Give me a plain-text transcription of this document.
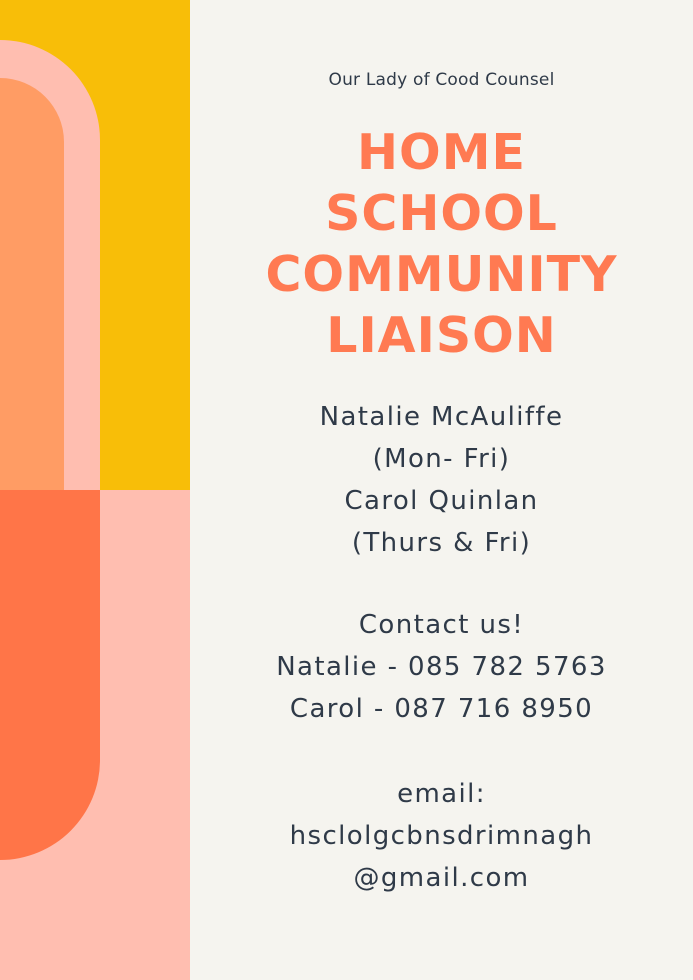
Our Lady of Cood Counsel
HOME
SCHOOL
COMMUNITY
LIAISON
Natalie McAuliffe
(Mon- Fri)
Carol Quinlan
(Thurs & Fri)
Contact us!
Natalie - 085 782 5763
Carol - 087 716 8950
email:
hsclolgcbnsdrimnagh
@gmail.com
